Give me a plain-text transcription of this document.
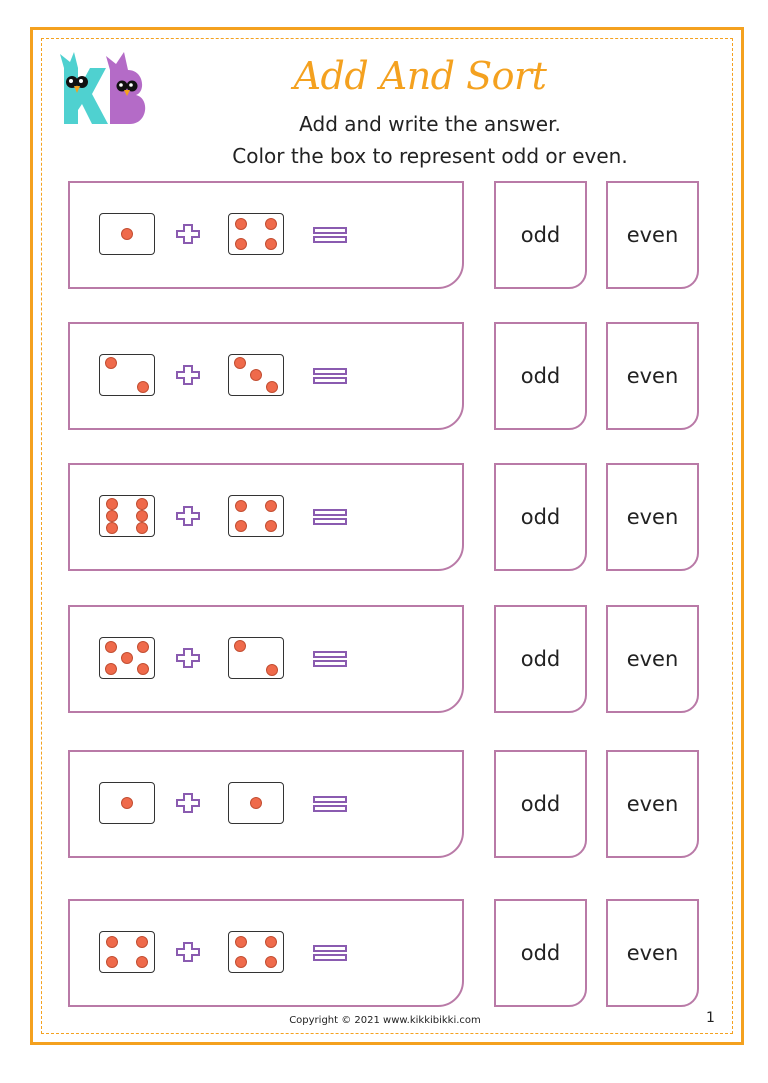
Add And Sort
Add and write the answer.
Color the box to represent odd or even.
odd	even
odd	even
odd	even
odd	even
odd	even
odd	even
Copyright © 2021 www.kikkibikki.com	1
